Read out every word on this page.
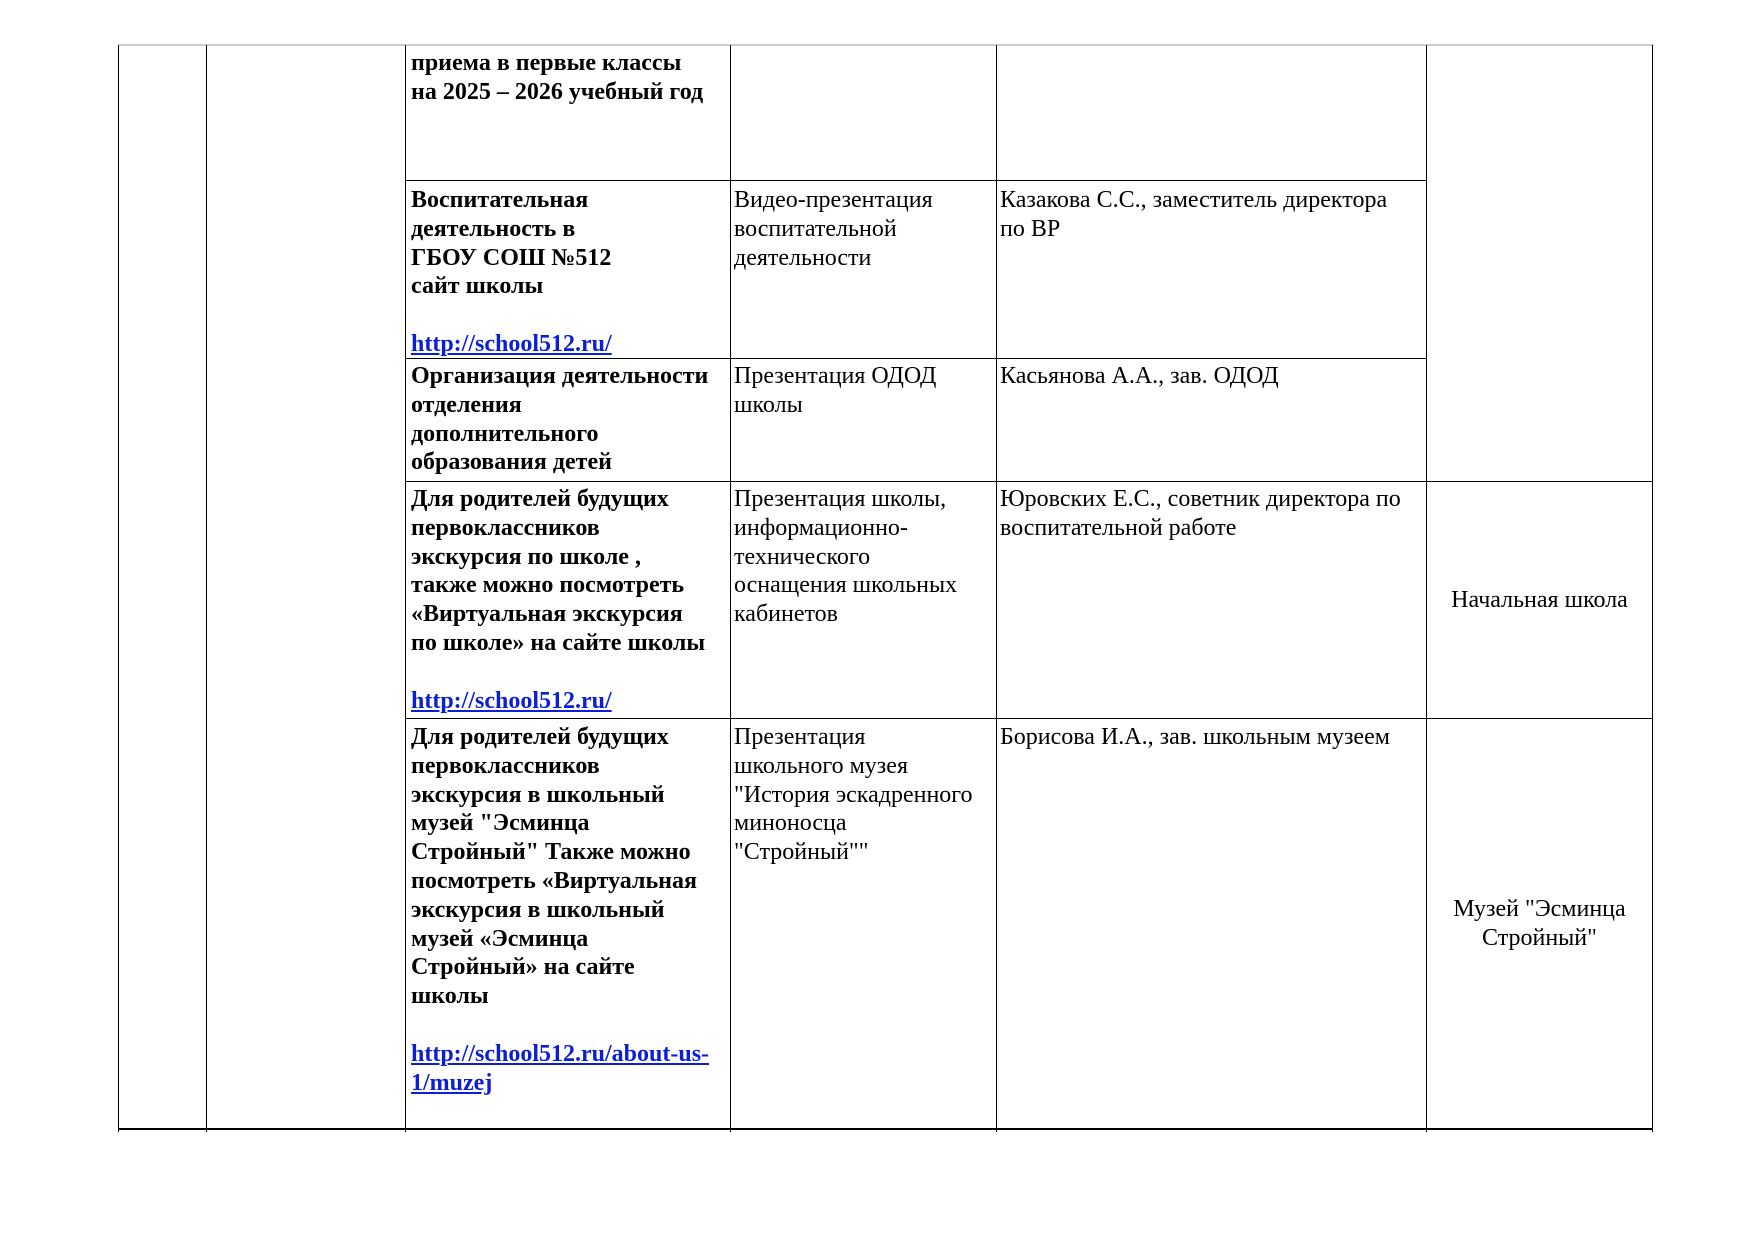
приема в первые классы
на 2025 – 2026 учебный год
Воспитательная
деятельность в
ГБОУ СОШ №512
сайт школы
http://school512.ru/
Видео-презентация
воспитательной
деятельности
Казакова С.С., заместитель директора
по ВР
Организация деятельности
отделения
дополнительного
образования детей
Презентация ОДОД
школы
Касьянова А.А., зав. ОДОД
Для родителей будущих
первоклассников
экскурсия по школе ,
также можно посмотреть
«Виртуальная экскурсия
по школе» на сайте школы
http://school512.ru/
Презентация школы,
информационно-
технического
оснащения школьных
кабинетов
Юровских Е.С., советник директора по
воспитательной работе
Начальная школа
Для родителей будущих
первоклассников
экскурсия в школьный
музей "Эсминца
Стройный" Также можно
посмотреть «Виртуальная
экскурсия в школьный
музей «Эсминца
Стройный» на сайте
школы
http://school512.ru/about-us-
1/muzej
Презентация
школьного музея
"История эскадренного
миноносца
"Стройный""
Борисова И.А., зав. школьным музеем
Музей "Эсминца
Стройный"
